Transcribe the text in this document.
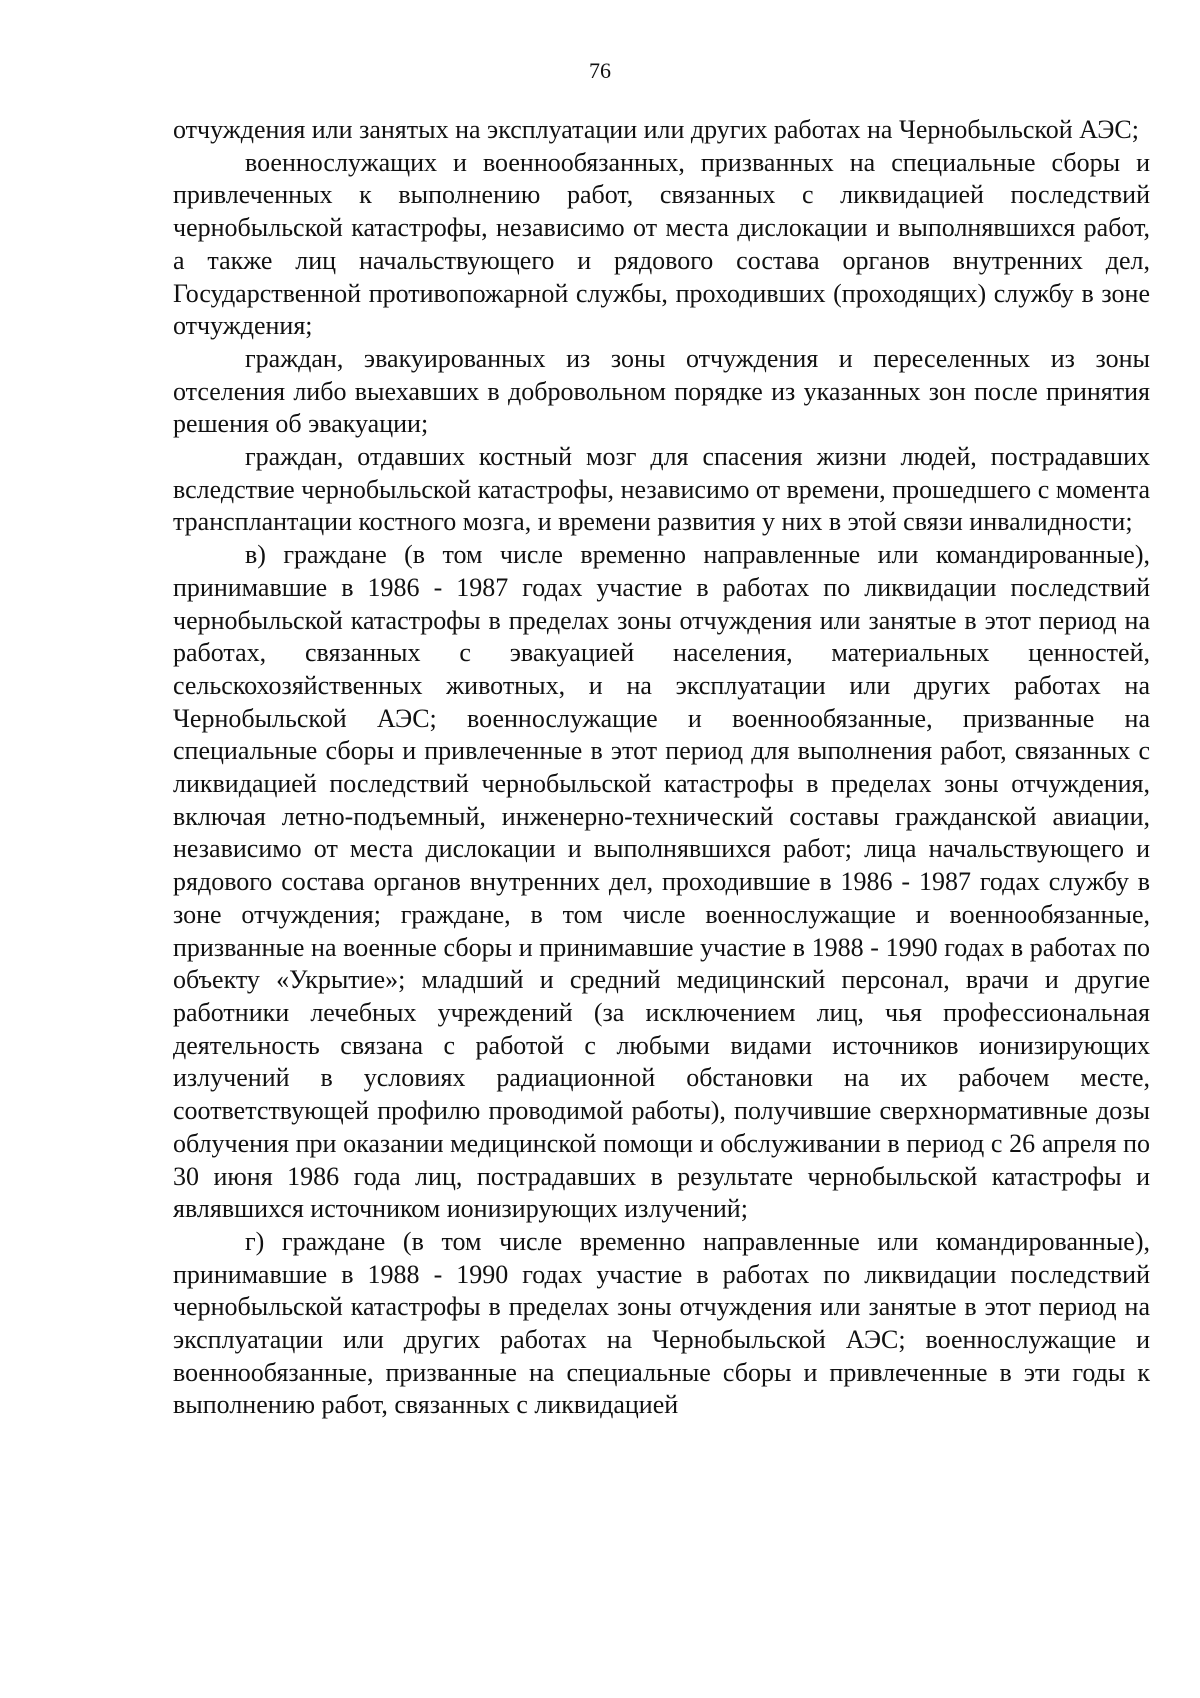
76

отчуждения или занятых на эксплуатации или других работах на Чернобыльской АЭС;

военнослужащих и военнообязанных, призванных на специальные сборы и привлеченных к выполнению работ, связанных с ликвидацией последствий чернобыльской катастрофы, независимо от места дислокации и выполнявшихся работ, а также лиц начальствующего и рядового состава органов внутренних дел, Государственной противопожарной службы, проходивших (проходящих) службу в зоне отчуждения;

граждан, эвакуированных из зоны отчуждения и переселенных из зоны отселения либо выехавших в добровольном порядке из указанных зон после принятия решения об эвакуации;

граждан, отдавших костный мозг для спасения жизни людей, пострадавших вследствие чернобыльской катастрофы, независимо от времени, прошедшего с момента трансплантации костного мозга, и времени развития у них в этой связи инвалидности;

в) граждане (в том числе временно направленные или командированные), принимавшие в 1986 - 1987 годах участие в работах по ликвидации последствий чернобыльской катастрофы в пределах зоны отчуждения или занятые в этот период на работах, связанных с эвакуацией населения, материальных ценностей, сельскохозяйственных животных, и на эксплуатации или других работах на Чернобыльской АЭС; военнослужащие и военнообязанные, призванные на специальные сборы и привлеченные в этот период для выполнения работ, связанных с ликвидацией последствий чернобыльской катастрофы в пределах зоны отчуждения, включая летно-подъемный, инженерно-технический составы гражданской авиации, независимо от места дислокации и выполнявшихся работ; лица начальствующего и рядового состава органов внутренних дел, проходившие в 1986 - 1987 годах службу в зоне отчуждения; граждане, в том числе военнослужащие и военнообязанные, призванные на военные сборы и принимавшие участие в 1988 - 1990 годах в работах по объекту «Укрытие»; младший и средний медицинский персонал, врачи и другие работники лечебных учреждений (за исключением лиц, чья профессиональная деятельность связана с работой с любыми видами источников ионизирующих излучений в условиях радиационной обстановки на их рабочем месте, соответствующей профилю проводимой работы), получившие сверхнормативные дозы облучения при оказании медицинской помощи и обслуживании в период с 26 апреля по 30 июня 1986 года лиц, пострадавших в результате чернобыльской катастрофы и являвшихся источником ионизирующих излучений;

г) граждане (в том числе временно направленные или командированные), принимавшие в 1988 - 1990 годах участие в работах по ликвидации последствий чернобыльской катастрофы в пределах зоны отчуждения или занятые в этот период на эксплуатации или других работах на Чернобыльской АЭС; военнослужащие и военнообязанные, призванные на специальные сборы и привлеченные в эти годы к выполнению работ, связанных с ликвидацией
